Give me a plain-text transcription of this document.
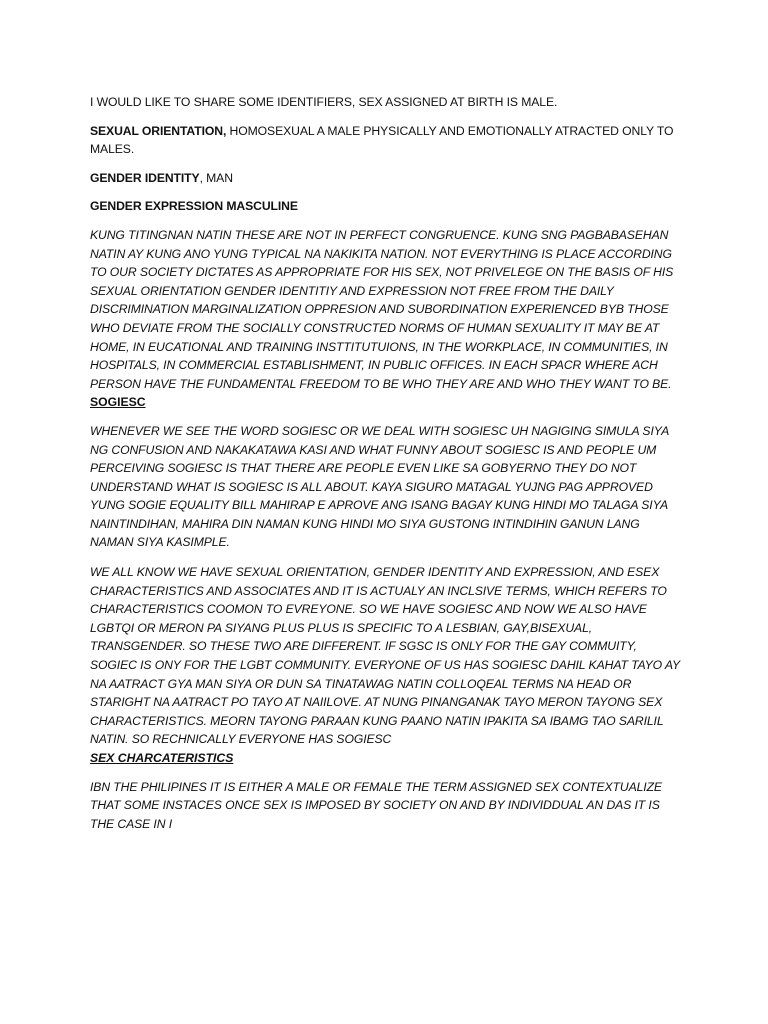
I WOULD LIKE TO SHARE SOME IDENTIFIERS, SEX ASSIGNED AT BIRTH IS MALE.

SEXUAL ORIENTATION, HOMOSEXUAL A MALE PHYSICALLY AND EMOTIONALLY ATRACTED ONLY TO MALES.

GENDER IDENTITY, MAN

GENDER EXPRESSION MASCULINE

KUNG TITINGNAN NATIN THESE ARE NOT IN PERFECT CONGRUENCE. KUNG SNG PAGBABASEHAN NATIN AY KUNG ANO YUNG TYPICAL NA NAKIKITA NATION. NOT EVERYTHING IS PLACE ACCORDING TO OUR SOCIETY DICTATES AS APPROPRIATE FOR HIS SEX, NOT PRIVELEGE ON THE BASIS OF HIS SEXUAL ORIENTATION GENDER IDENTITIY AND EXPRESSION NOT FREE FROM THE DAILY DISCRIMINATION MARGINALIZATION OPPRESION AND SUBORDINATION EXPERIENCED BYB THOSE WHO DEVIATE FROM THE SOCIALLY CONSTRUCTED NORMS OF HUMAN SEXUALITY IT MAY BE AT HOME, IN EUCATIONAL AND TRAINING INSTTITUTUIONS, IN THE WORKPLACE, IN COMMUNITIES, IN HOSPITALS, IN COMMERCIAL ESTABLISHMENT, IN PUBLIC OFFICES. IN EACH SPACR WHERE ACH PERSON HAVE THE FUNDAMENTAL FREEDOM TO BE WHO THEY ARE AND WHO THEY WANT TO BE.

SOGIESC

WHENEVER WE SEE THE WORD SOGIESC OR WE DEAL WITH SOGIESC UH NAGIGING SIMULA SIYA NG CONFUSION AND NAKAKATAWA KASI AND WHAT FUNNY ABOUT SOGIESC IS AND PEOPLE UM PERCEIVING SOGIESC IS THAT THERE ARE PEOPLE EVEN LIKE SA GOBYERNO THEY DO NOT UNDERSTAND WHAT IS SOGIESC IS ALL ABOUT. KAYA SIGURO MATAGAL YUJNG PAG APPROVED YUNG SOGIE EQUALITY BILL MAHIRAP E APROVE ANG ISANG BAGAY KUNG HINDI MO TALAGA SIYA NAINTINDIHAN, MAHIRA DIN NAMAN KUNG HINDI MO SIYA GUSTONG INTINDIHIN GANUN LANG NAMAN SIYA KASIMPLE.

WE ALL KNOW WE HAVE SEXUAL ORIENTATION, GENDER IDENTITY AND EXPRESSION, AND ESEX CHARACTERISTICS AND ASSOCIATES AND IT IS ACTUALY AN INCLSIVE TERMS, WHICH REFERS TO CHARACTERISTICS COOMON TO EVREYONE. SO WE HAVE SOGIESC AND NOW WE ALSO HAVE LGBTQI OR MERON PA SIYANG PLUS PLUS IS SPECIFIC TO A LESBIAN, GAY,BISEXUAL, TRANSGENDER. SO THESE TWO ARE DIFFERENT. IF SGSC IS ONLY FOR THE GAY COMMUITY, SOGIEC IS ONY FOR THE LGBT COMMUNITY. EVERYONE OF US HAS SOGIESC DAHIL KAHAT TAYO AY NA AATRACT GYA MAN SIYA OR DUN SA TINATAWAG NATIN COLLOQEAL TERMS NA HEAD OR STARIGHT NA AATRACT PO TAYO AT NAIILOVE. AT NUNG PINANGANAK TAYO MERON TAYONG SEX CHARACTERISTICS. MEORN TAYONG PARAAN KUNG PAANO NATIN IPAKITA SA IBAMG TAO SARILIL NATIN. SO RECHNICALLY EVERYONE HAS SOGIESC

SEX CHARCATERISTICS

IBN THE PHILIPINES IT IS EITHER A MALE OR FEMALE THE TERM ASSIGNED SEX CONTEXTUALIZE THAT SOME INSTACES ONCE SEX IS IMPOSED BY SOCIETY ON AND BY INDIVIDDUAL AN DAS IT IS THE CASE IN I
